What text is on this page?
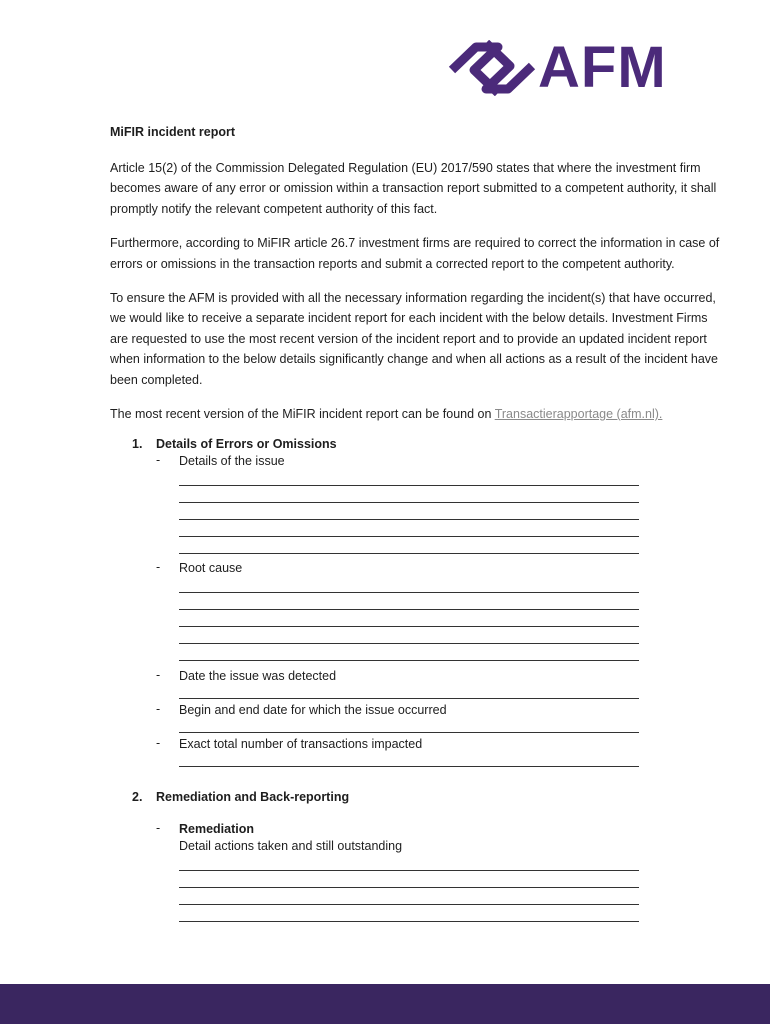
AFM
MiFIR incident report

Article 15(2) of the Commission Delegated Regulation (EU) 2017/590 states that where the investment firm becomes aware of any error or omission within a transaction report submitted to a competent authority, it shall promptly notify the relevant competent authority of this fact.

Furthermore, according to MiFIR article 26.7 investment firms are required to correct the information in case of errors or omissions in the transaction reports and submit a corrected report to the competent authority.

To ensure the AFM is provided with all the necessary information regarding the incident(s) that have occurred, we would like to receive a separate incident report for each incident with the below details. Investment Firms are requested to use the most recent version of the incident report and to provide an updated incident report when information to the below details significantly change and when all actions as a result of the incident have been completed.

The most recent version of the MiFIR incident report can be found on Transactierapportage (afm.nl).

1. Details of Errors or Omissions
- Details of the issue
- Root cause
- Date the issue was detected
- Begin and end date for which the issue occurred
- Exact total number of transactions impacted
2. Remediation and Back-reporting
- Remediation
Detail actions taken and still outstanding
